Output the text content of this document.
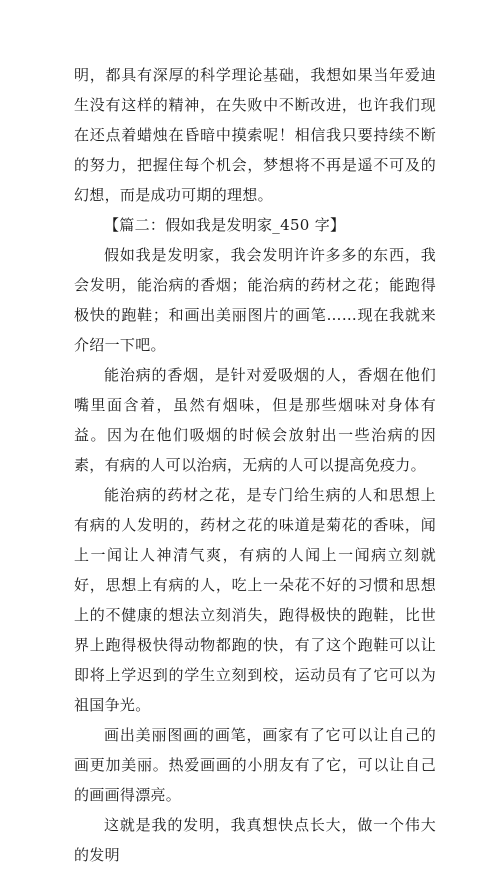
明，都具有深厚的科学理论基础，我想如果当年爱迪生没有这样的精神，在失败中不断改进，也许我们现在还点着蜡烛在昏暗中摸索呢！相信我只要持续不断的努力，把握住每个机会，梦想将不再是遥不可及的幻想，而是成功可期的理想。

【篇二：假如我是发明家_450 字】

假如我是发明家，我会发明许许多多的东西，我会发明，能治病的香烟；能治病的药材之花；能跑得极快的跑鞋；和画出美丽图片的画笔……现在我就来介绍一下吧。

能治病的香烟，是针对爱吸烟的人，香烟在他们嘴里面含着，虽然有烟味，但是那些烟味对身体有益。因为在他们吸烟的时候会放射出一些治病的因素，有病的人可以治病，无病的人可以提高免疫力。

能治病的药材之花，是专门给生病的人和思想上有病的人发明的，药材之花的味道是菊花的香味，闻上一闻让人神清气爽，有病的人闻上一闻病立刻就好，思想上有病的人，吃上一朵花不好的习惯和思想上的不健康的想法立刻消失，跑得极快的跑鞋，比世界上跑得极快得动物都跑的快，有了这个跑鞋可以让即将上学迟到的学生立刻到校，运动员有了它可以为祖国争光。

画出美丽图画的画笔，画家有了它可以让自己的画更加美丽。热爱画画的小朋友有了它，可以让自己的画画得漂亮。

这就是我的发明，我真想快点长大，做一个伟大的发明
